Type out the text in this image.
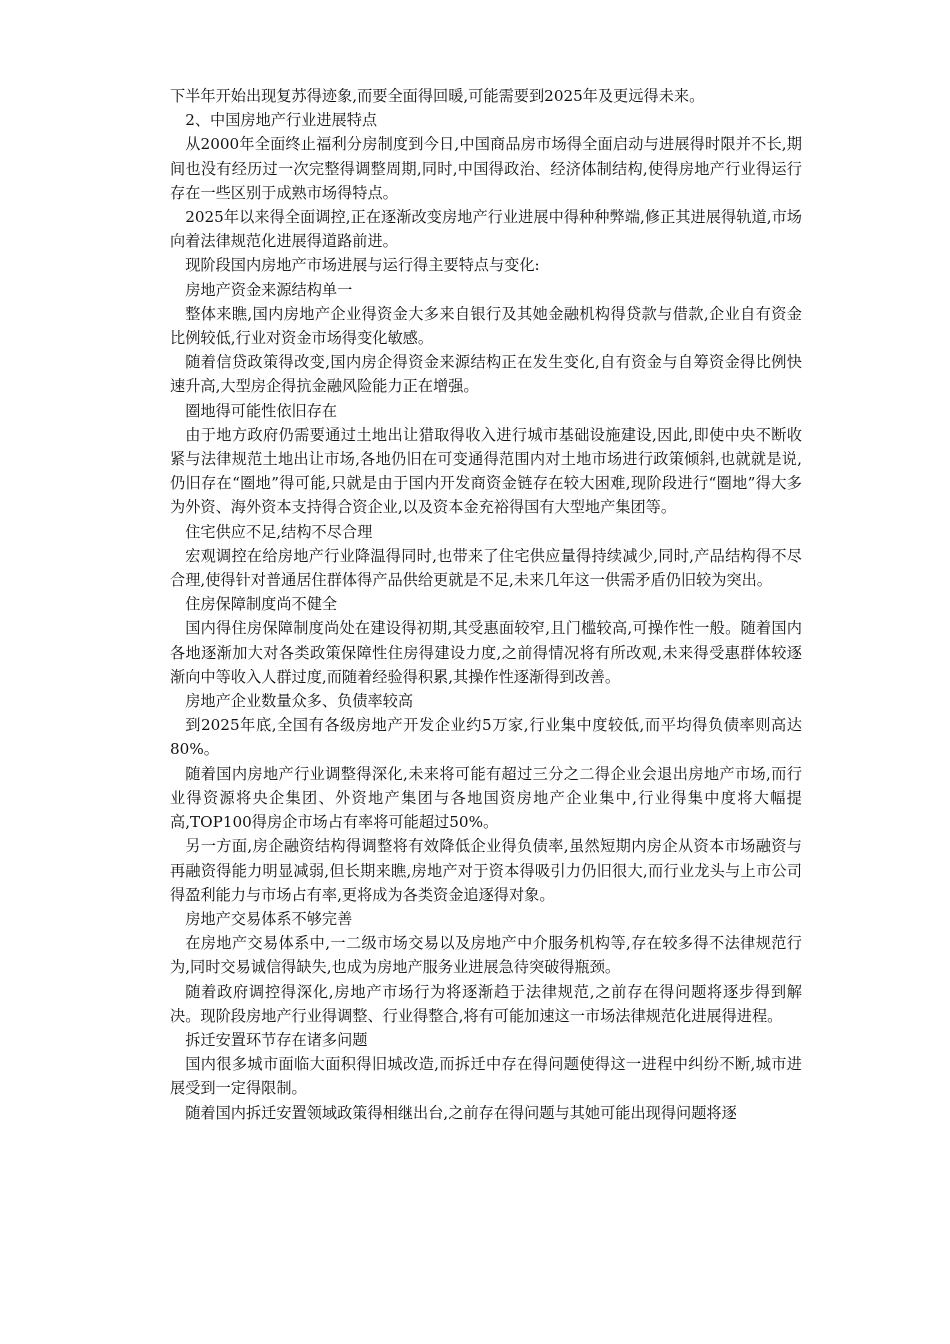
下半年开始出现复苏得迹象,而要全面得回暖,可能需要到2025年及更远得未来。

2、中国房地产行业进展特点

从2000年全面终止福利分房制度到今日,中国商品房市场得全面启动与进展得时限并不长,期间也没有经历过一次完整得调整周期,同时,中国得政治、经济体制结构,使得房地产行业得运行存在一些区别于成熟市场得特点。

2025年以来得全面调控,正在逐渐改变房地产行业进展中得种种弊端,修正其进展得轨道,市场向着法律规范化进展得道路前进。

现阶段国内房地产市场进展与运行得主要特点与变化:

房地产资金来源结构单一

整体来瞧,国内房地产企业得资金大多来自银行及其她金融机构得贷款与借款,企业自有资金比例较低,行业对资金市场得变化敏感。

随着信贷政策得改变,国内房企得资金来源结构正在发生变化,自有资金与自筹资金得比例快速升高,大型房企得抗金融风险能力正在增强。

圈地得可能性依旧存在

由于地方政府仍需要通过土地出让猎取得收入进行城市基础设施建设,因此,即使中央不断收紧与法律规范土地出让市场,各地仍旧在可变通得范围内对土地市场进行政策倾斜,也就就是说,仍旧存在“圈地”得可能,只就是由于国内开发商资金链存在较大困难,现阶段进行“圈地”得大多为外资、海外资本支持得合资企业,以及资本金充裕得国有大型地产集团等。

住宅供应不足,结构不尽合理

宏观调控在给房地产行业降温得同时,也带来了住宅供应量得持续减少,同时,产品结构得不尽合理,使得针对普通居住群体得产品供给更就是不足,未来几年这一供需矛盾仍旧较为突出。

住房保障制度尚不健全

国内得住房保障制度尚处在建设得初期,其受惠面较窄,且门槛较高,可操作性一般。随着国内各地逐渐加大对各类政策保障性住房得建设力度,之前得情况将有所改观,未来得受惠群体较逐渐向中等收入人群过度,而随着经验得积累,其操作性逐渐得到改善。

房地产企业数量众多、负债率较高

到2025年底,全国有各级房地产开发企业约5万家,行业集中度较低,而平均得负债率则高达80%。

随着国内房地产行业调整得深化,未来将可能有超过三分之二得企业会退出房地产市场,而行业得资源将央企集团、外资地产集团与各地国资房地产企业集中,行业得集中度将大幅提高,TOP100得房企市场占有率将可能超过50%。

另一方面,房企融资结构得调整将有效降低企业得负债率,虽然短期内房企从资本市场融资与再融资得能力明显减弱,但长期来瞧,房地产对于资本得吸引力仍旧很大,而行业龙头与上市公司得盈利能力与市场占有率,更将成为各类资金追逐得对象。

房地产交易体系不够完善

在房地产交易体系中,一二级市场交易以及房地产中介服务机构等,存在较多得不法律规范行为,同时交易诚信得缺失,也成为房地产服务业进展急待突破得瓶颈。

随着政府调控得深化,房地产市场行为将逐渐趋于法律规范,之前存在得问题将逐步得到解决。现阶段房地产行业得调整、行业得整合,将有可能加速这一市场法律规范化进展得进程。

拆迁安置环节存在诸多问题

国内很多城市面临大面积得旧城改造,而拆迁中存在得问题使得这一进程中纠纷不断,城市进展受到一定得限制。

随着国内拆迁安置领域政策得相继出台,之前存在得问题与其她可能出现得问题将逐
